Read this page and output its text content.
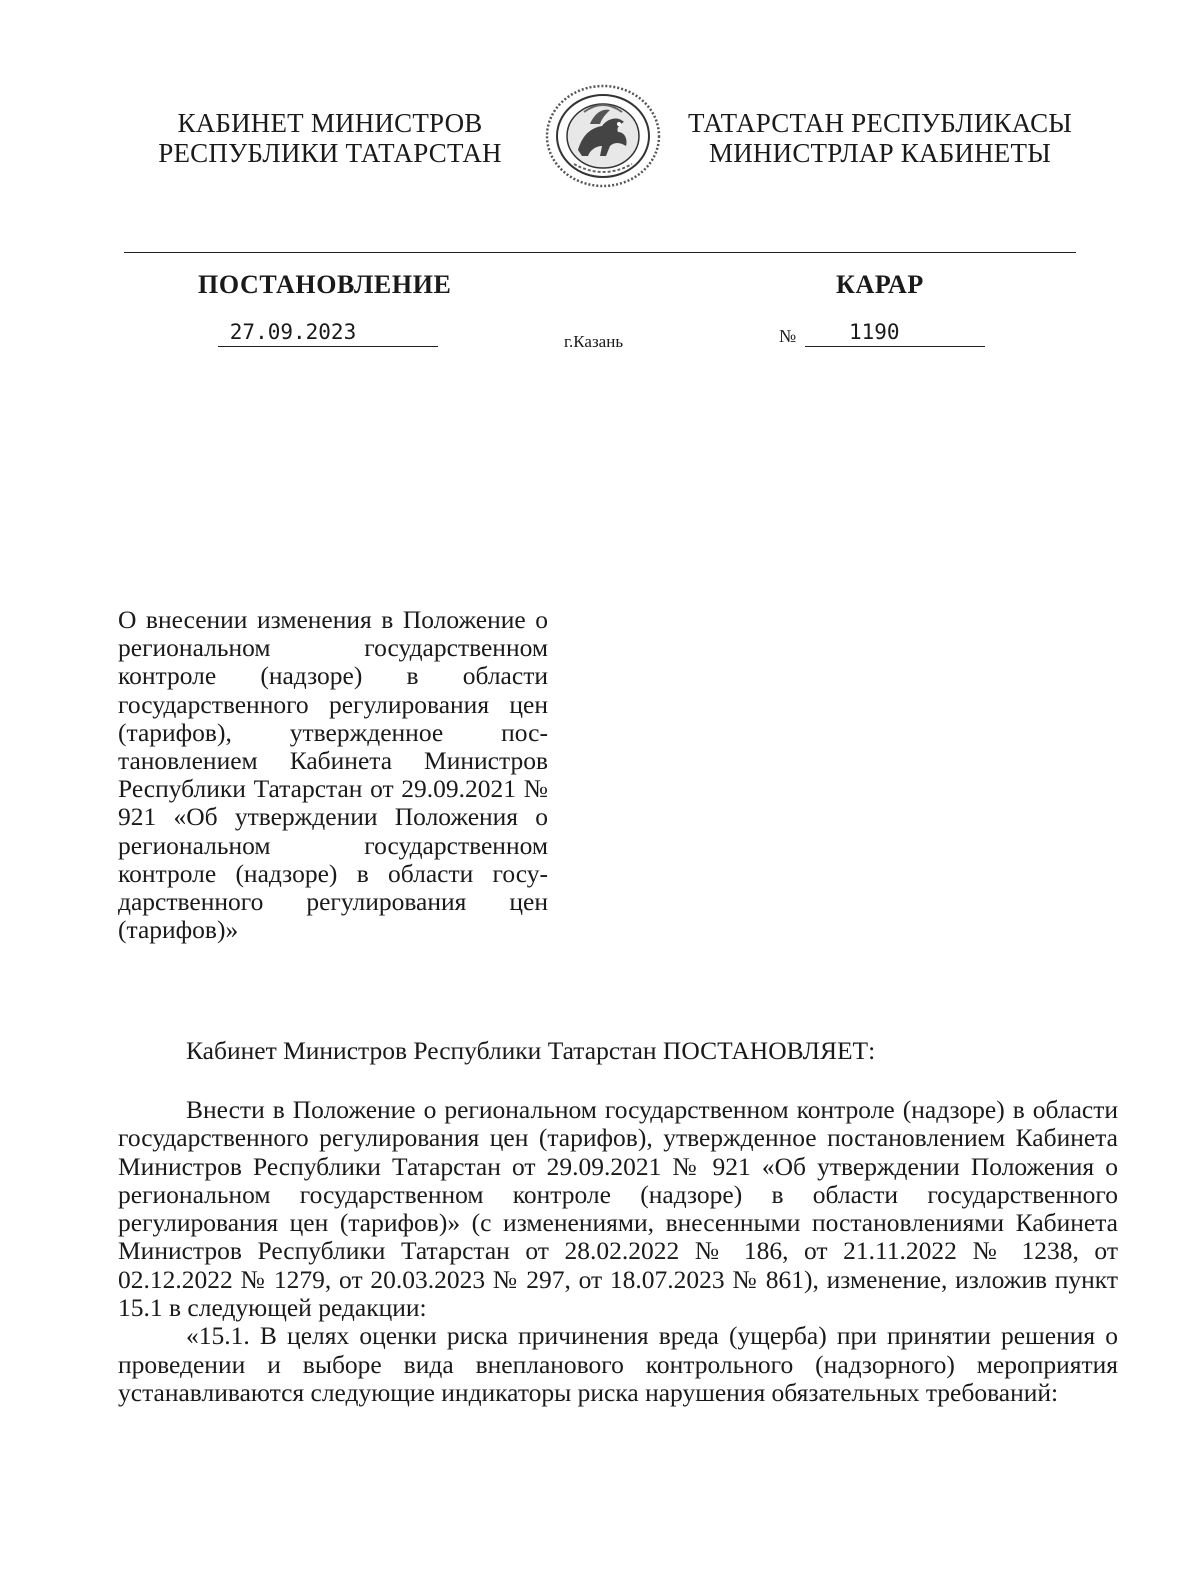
КАБИНЕТ МИНИСТРОВ
РЕСПУБЛИКИ ТАТАРСТАН
ТАТАРСТАН РЕСПУБЛИКАСЫ
МИНИСТРЛАР КАБИНЕТЫ
ПОСТАНОВЛЕНИЕ	КАРАР
27.09.2023	г.Казань	№	1190
О внесении изменения в Положение о региональном государственном контроле (надзоре) в области государственного регулирования цен (тарифов), утвержденное постановлением Кабинета Министров Республики Татарстан от 29.09.2021 № 921 «Об утверждении Положения о региональном государственном контроле (надзоре) в области государственного регулирования цен (тарифов)»
Кабинет Министров Республики Татарстан ПОСТАНОВЛЯЕТ:

Внести в Положение о региональном государственном контроле (надзоре) в области государственного регулирования цен (тарифов), утвержденное постановлением Кабинета Министров Республики Татарстан от 29.09.2021 № 921 «Об утверждении Положения о региональном государственном контроле (надзоре) в области государственного регулирования цен (тарифов)» (с изменениями, внесенными постановлениями Кабинета Министров Республики Татарстан от 28.02.2022 № 186, от 21.11.2022 № 1238, от 02.12.2022 № 1279, от 20.03.2023 № 297, от 18.07.2023 № 861), изменение, изложив пункт 15.1 в следующей редакции:

«15.1. В целях оценки риска причинения вреда (ущерба) при принятии решения о проведении и выборе вида внепланового контрольного (надзорного) мероприятия устанавливаются следующие индикаторы риска нарушения обязательных требований:
